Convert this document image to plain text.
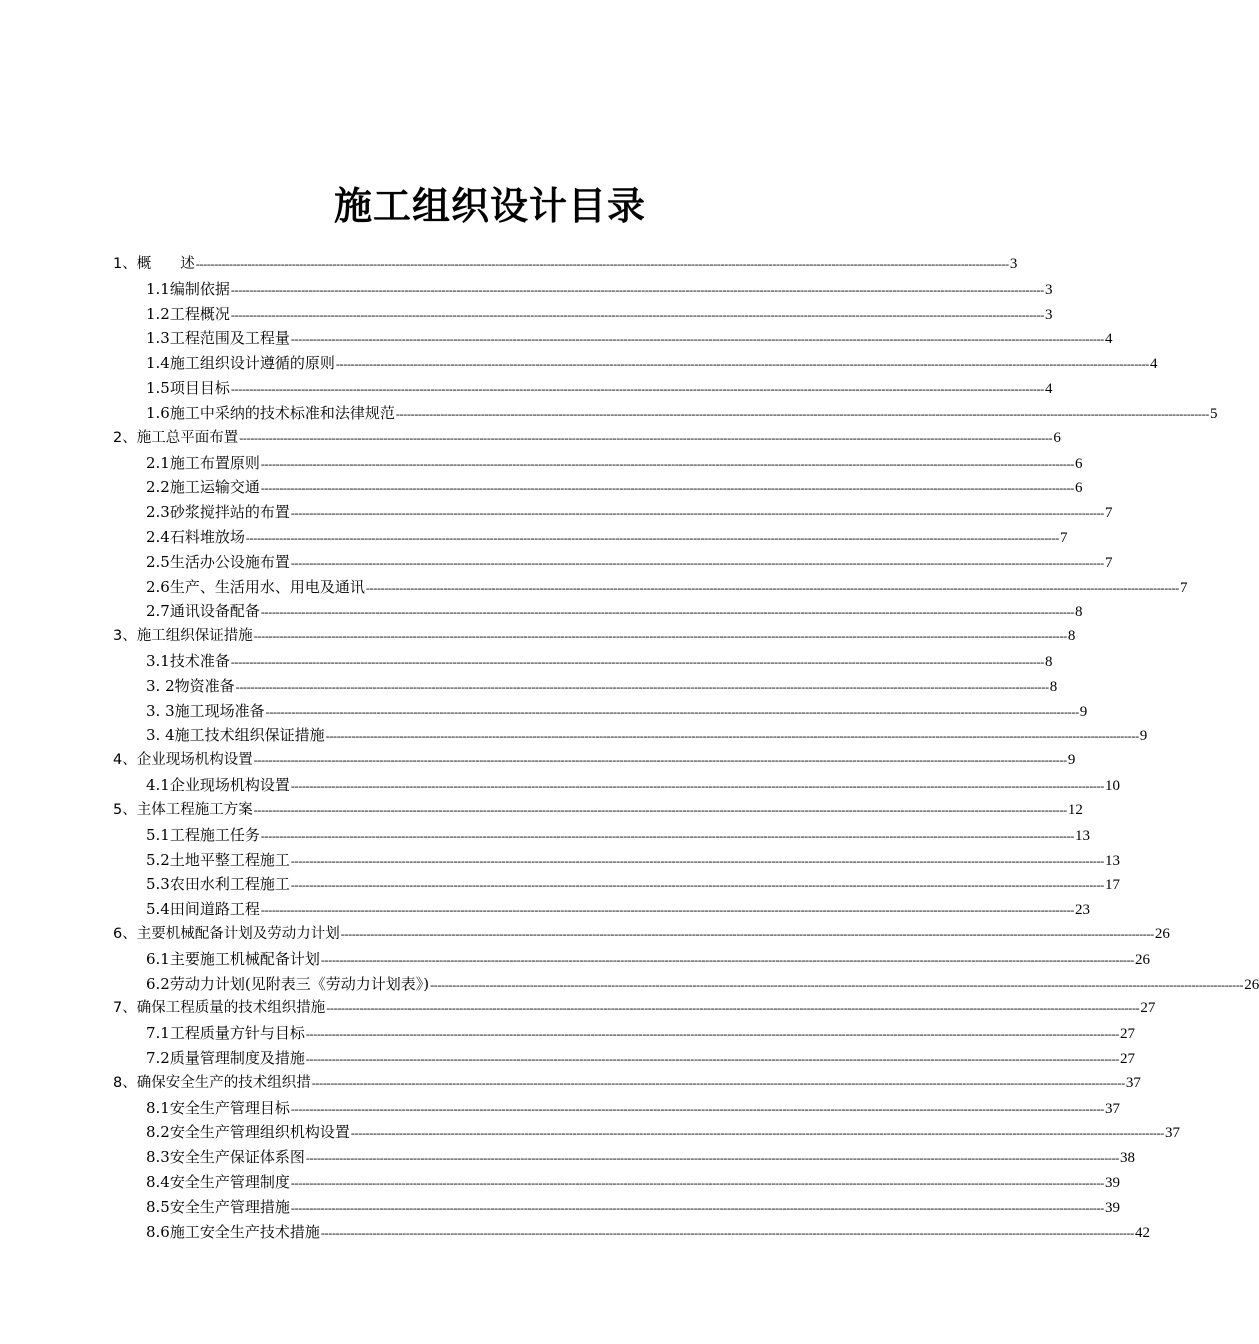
施工组织设计目录
1、概　　述 ---------------------------------------------------------------------------------------------------------------------------------------------------------------------------------------------------------------------------- 3
1.1编制依据 ---------------------------------------------------------------------------------------------------------------------------------------------------------------------------------------------------------------------------- 3
1.2工程概况 ---------------------------------------------------------------------------------------------------------------------------------------------------------------------------------------------------------------------------- 3
1.3工程范围及工程量 ---------------------------------------------------------------------------------------------------------------------------------------------------------------------------------------------------------------------------- 4
1.4施工组织设计遵循的原则 ---------------------------------------------------------------------------------------------------------------------------------------------------------------------------------------------------------------------------- 4
1.5项目目标 ---------------------------------------------------------------------------------------------------------------------------------------------------------------------------------------------------------------------------- 4
1.6施工中采纳的技术标准和法律规范 ---------------------------------------------------------------------------------------------------------------------------------------------------------------------------------------------------------------------------- 5
2、施工总平面布置 ---------------------------------------------------------------------------------------------------------------------------------------------------------------------------------------------------------------------------- 6
2.1施工布置原则 ---------------------------------------------------------------------------------------------------------------------------------------------------------------------------------------------------------------------------- 6
2.2施工运输交通 ---------------------------------------------------------------------------------------------------------------------------------------------------------------------------------------------------------------------------- 6
2.3砂浆搅拌站的布置 ---------------------------------------------------------------------------------------------------------------------------------------------------------------------------------------------------------------------------- 7
2.4石料堆放场 ---------------------------------------------------------------------------------------------------------------------------------------------------------------------------------------------------------------------------- 7
2.5生活办公设施布置 ---------------------------------------------------------------------------------------------------------------------------------------------------------------------------------------------------------------------------- 7
2.6生产、生活用水、用电及通讯 ---------------------------------------------------------------------------------------------------------------------------------------------------------------------------------------------------------------------------- 7
2.7通讯设备配备 ---------------------------------------------------------------------------------------------------------------------------------------------------------------------------------------------------------------------------- 8
3、施工组织保证措施 ---------------------------------------------------------------------------------------------------------------------------------------------------------------------------------------------------------------------------- 8
3.1技术准备 ---------------------------------------------------------------------------------------------------------------------------------------------------------------------------------------------------------------------------- 8
3. 2物资准备 ---------------------------------------------------------------------------------------------------------------------------------------------------------------------------------------------------------------------------- 8
3. 3施工现场准备 ---------------------------------------------------------------------------------------------------------------------------------------------------------------------------------------------------------------------------- 9
3. 4施工技术组织保证措施 ---------------------------------------------------------------------------------------------------------------------------------------------------------------------------------------------------------------------------- 9
4、企业现场机构设置 ---------------------------------------------------------------------------------------------------------------------------------------------------------------------------------------------------------------------------- 9
4.1企业现场机构设置 ---------------------------------------------------------------------------------------------------------------------------------------------------------------------------------------------------------------------------- 10
5、主体工程施工方案 ---------------------------------------------------------------------------------------------------------------------------------------------------------------------------------------------------------------------------- 12
5.1工程施工任务 ---------------------------------------------------------------------------------------------------------------------------------------------------------------------------------------------------------------------------- 13
5.2土地平整工程施工 ---------------------------------------------------------------------------------------------------------------------------------------------------------------------------------------------------------------------------- 13
5.3农田水利工程施工 ---------------------------------------------------------------------------------------------------------------------------------------------------------------------------------------------------------------------------- 17
5.4田间道路工程 ---------------------------------------------------------------------------------------------------------------------------------------------------------------------------------------------------------------------------- 23
6、主要机械配备计划及劳动力计划 ---------------------------------------------------------------------------------------------------------------------------------------------------------------------------------------------------------------------------- 26
6.1主要施工机械配备计划 ---------------------------------------------------------------------------------------------------------------------------------------------------------------------------------------------------------------------------- 26
6.2劳动力计划(见附表三《劳动力计划表》) ---------------------------------------------------------------------------------------------------------------------------------------------------------------------------------------------------------------------------- 26
7、确保工程质量的技术组织措施 ---------------------------------------------------------------------------------------------------------------------------------------------------------------------------------------------------------------------------- 27
7.1工程质量方针与目标 ---------------------------------------------------------------------------------------------------------------------------------------------------------------------------------------------------------------------------- 27
7.2质量管理制度及措施 ---------------------------------------------------------------------------------------------------------------------------------------------------------------------------------------------------------------------------- 27
8、确保安全生产的技术组织措 ---------------------------------------------------------------------------------------------------------------------------------------------------------------------------------------------------------------------------- 37
8.1安全生产管理目标 ---------------------------------------------------------------------------------------------------------------------------------------------------------------------------------------------------------------------------- 37
8.2安全生产管理组织机构设置 ---------------------------------------------------------------------------------------------------------------------------------------------------------------------------------------------------------------------------- 37
8.3安全生产保证体系图 ---------------------------------------------------------------------------------------------------------------------------------------------------------------------------------------------------------------------------- 38
8.4安全生产管理制度 ---------------------------------------------------------------------------------------------------------------------------------------------------------------------------------------------------------------------------- 39
8.5安全生产管理措施 ---------------------------------------------------------------------------------------------------------------------------------------------------------------------------------------------------------------------------- 39
8.6施工安全生产技术措施 ---------------------------------------------------------------------------------------------------------------------------------------------------------------------------------------------------------------------------- 42
